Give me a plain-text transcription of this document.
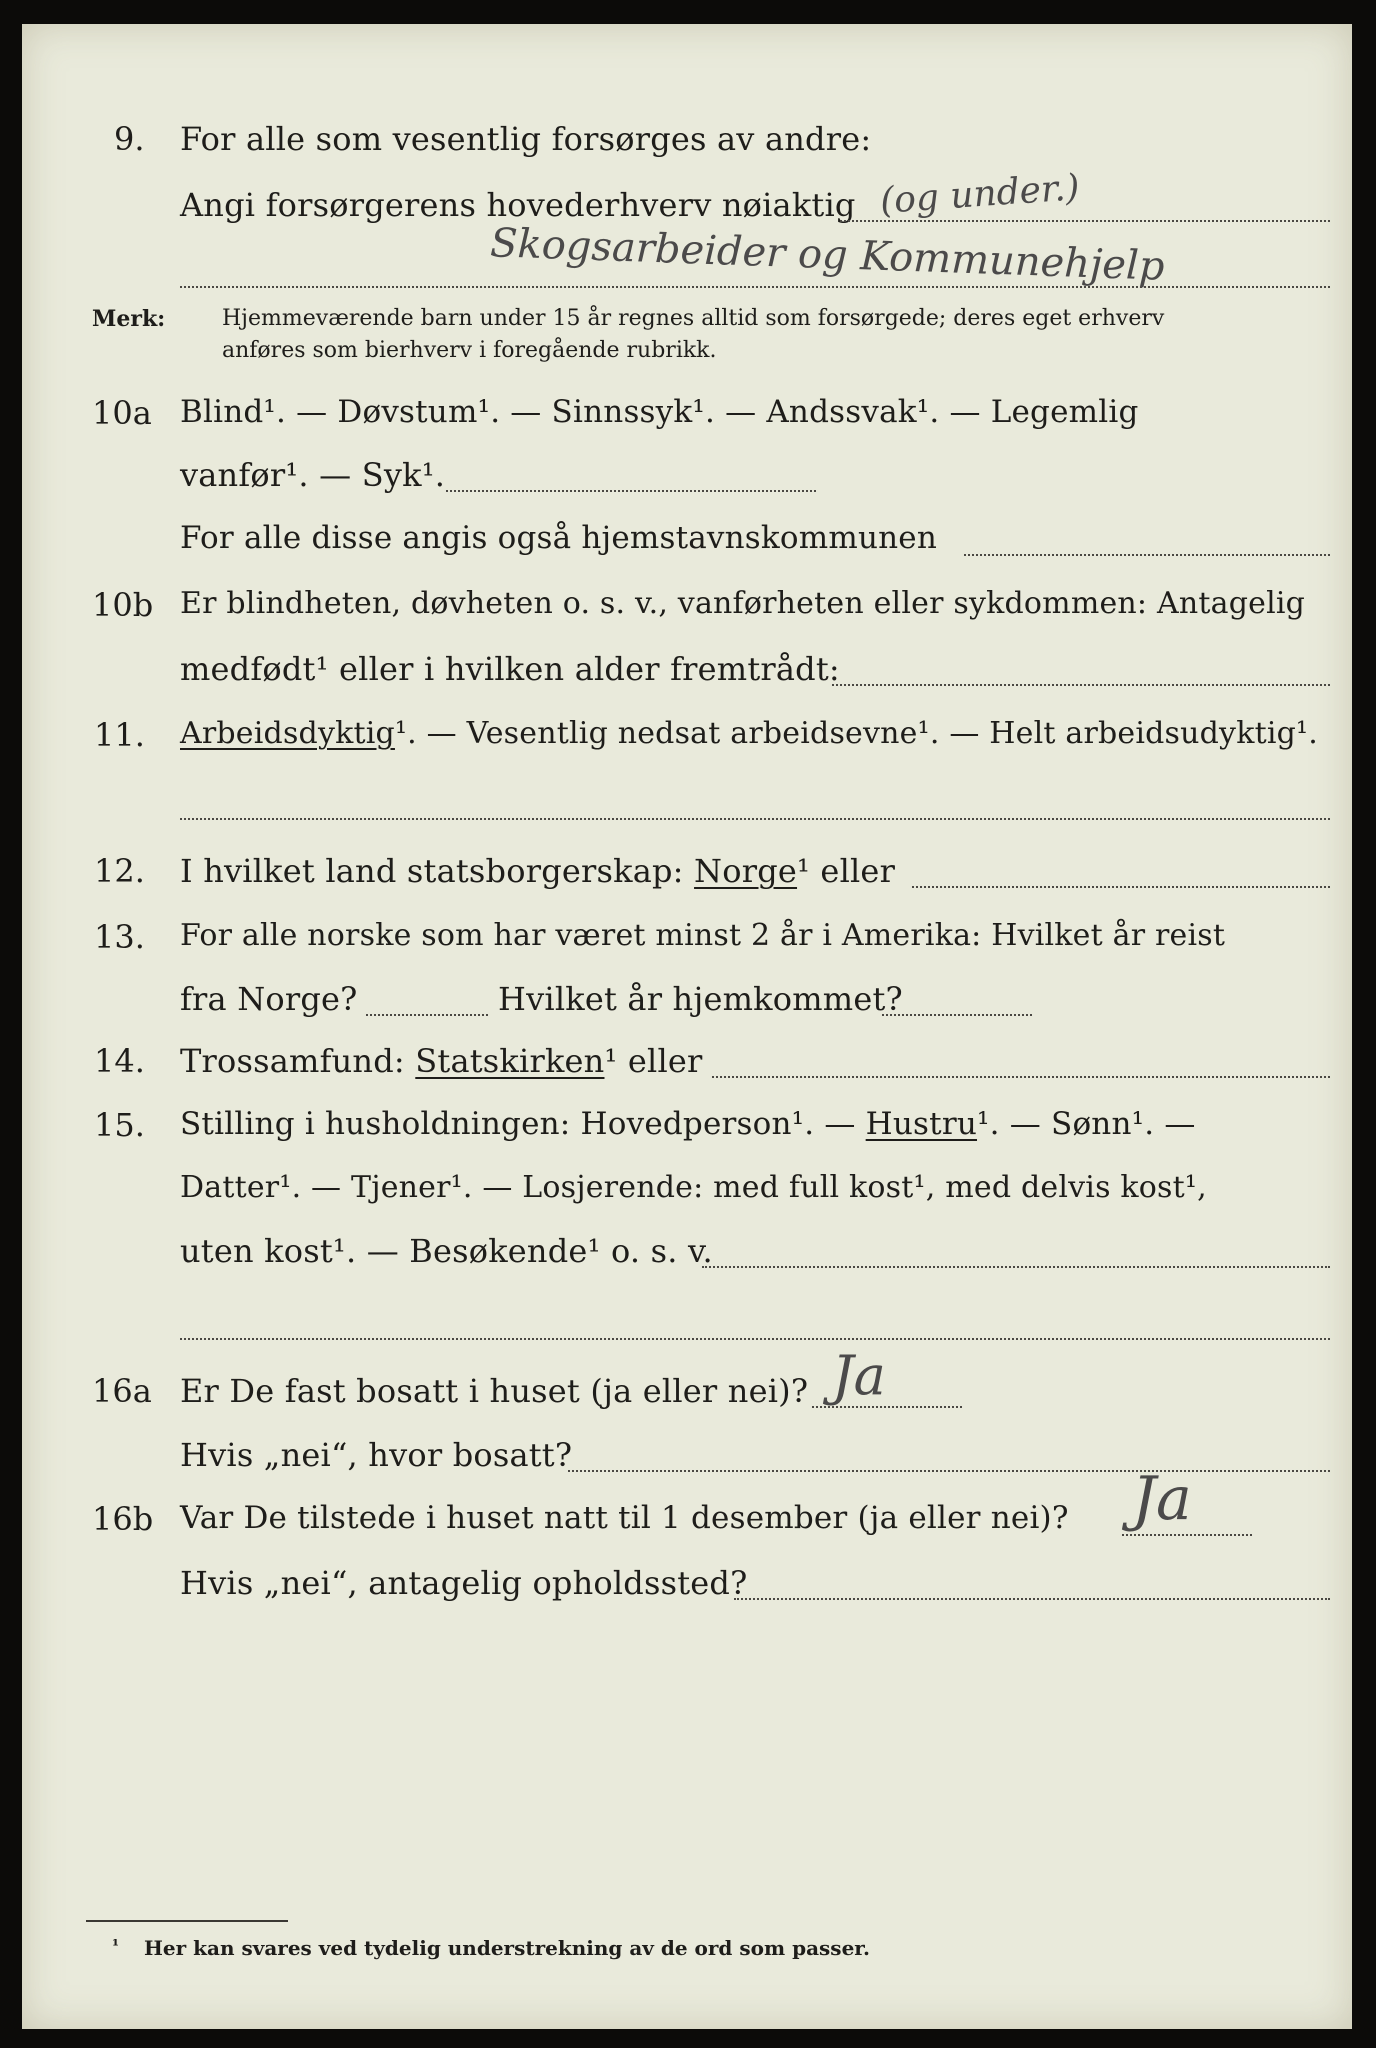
9. For alle som vesentlig forsørges av andre:
Angi forsørgerens hovederhverv nøiaktig (og under.)
Skogsarbeider og Kommunehjelp
Merk:	Hjemmeværende barn under 15 år regnes alltid som forsørgede; deres eget erhverv
anføres som bierhverv i foregående rubrikk.
10a Blind¹. — Døvstum¹. — Sinnssyk¹. — Andssvak¹. — Legemlig
vanfør¹. — Syk¹.
For alle disse angis også hjemstavnskommunen
10b Er blindheten, døvheten o. s. v., vanførheten eller sykdommen: Antagelig
medfødt¹ eller i hvilken alder fremtrådt:
11. Arbeidsdyktig¹. — Vesentlig nedsat arbeidsevne¹. — Helt arbeidsudyktig¹.
12. I hvilket land statsborgerskap: Norge¹ eller
13. For alle norske som har været minst 2 år i Amerika: Hvilket år reist
fra Norge?	Hvilket år hjemkommet?
14. Trossamfund: Statskirken¹ eller
15. Stilling i husholdningen: Hovedperson¹. — Hustru¹. — Sønn¹. —
Datter¹. — Tjener¹. — Losjerende: med full kost¹, med delvis kost¹,
uten kost¹. — Besøkende¹ o. s. v.
16a Er De fast bosatt i huset (ja eller nei)? Ja
Hvis „nei“, hvor bosatt?
16b Var De tilstede i huset natt til 1 desember (ja eller nei)? Ja
Hvis „nei“, antagelig opholdssted?
¹ Her kan svares ved tydelig understrekning av de ord som passer.
